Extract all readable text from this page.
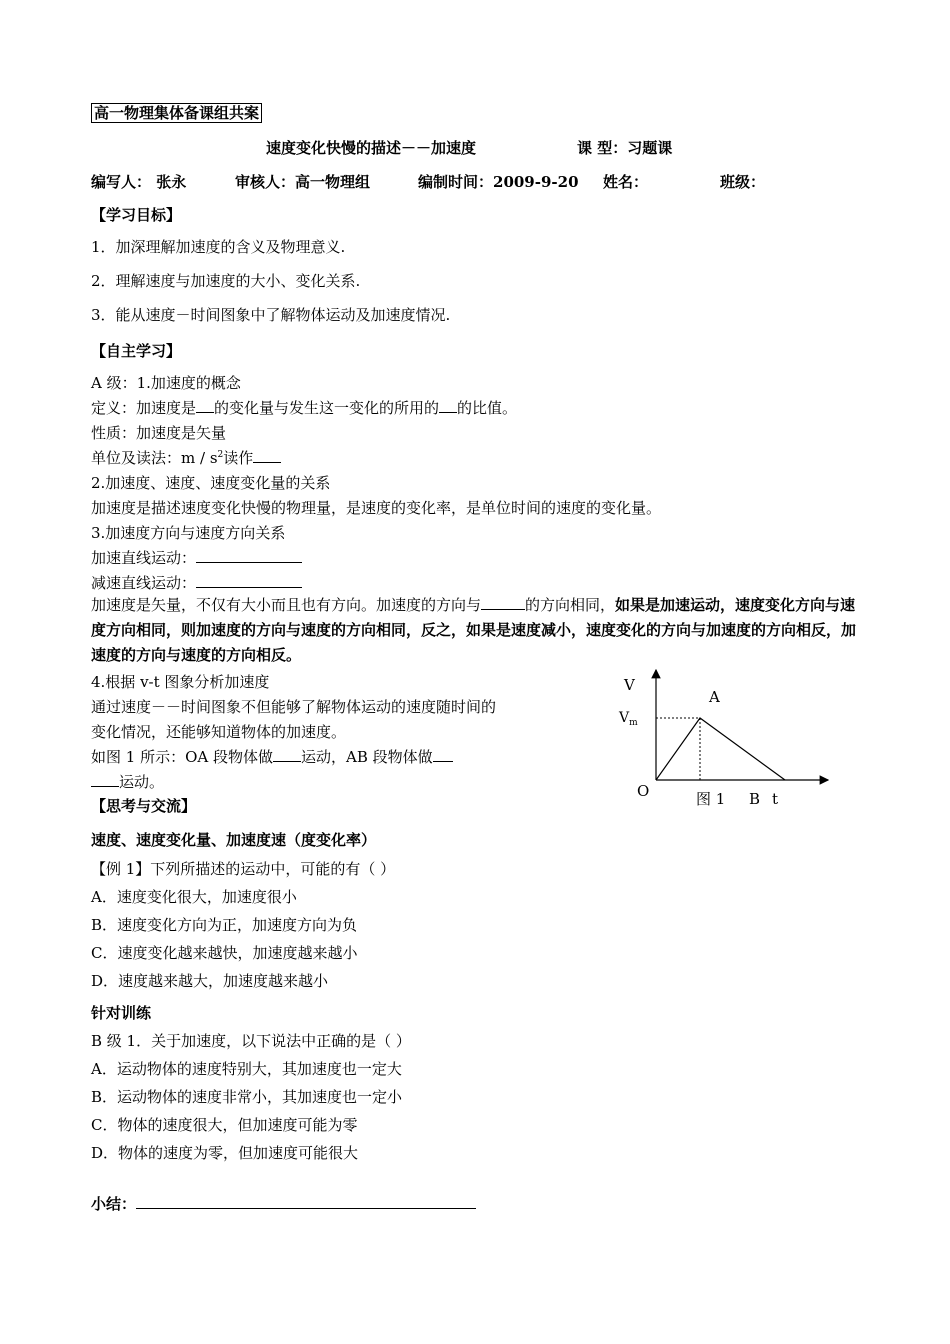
高一物理集体备课组共案
速度变化快慢的描述－－加速度	课 型：习题课
编写人： 张永	审核人：高一物理组	编制时间：2009-9-20 姓名：	班级：
【学习目标】
1．加深理解加速度的含义及物理意义.
2．理解速度与加速度的大小、变化关系.
3．能从速度－时间图象中了解物体运动及加速度情况.
【自主学习】
A 级：1.加速度的概念
定义：加速度是 的变化量与发生这一变化的所用的 的比值。
性质：加速度是矢量
单位及读法：m / $s^2$读作
2.加速度、速度、速度变化量的关系
加速度是描述速度变化快慢的物理量，是速度的变化率，是单位时间的速度的变化量。
3.加速度方向与速度方向关系
加速直线运动：
减速直线运动：
加速度是矢量，不仅有大小而且也有方向。加速度的方向与	的方向相同，如果是加速运动，速度变化方向与速度方向相同，则加速度的方向与速度的方向相同，反之，如果是速度减小，速度变化的方向与加速度的方向相反，加速度的方向与速度的方向相反。
4.根据 v-t 图象分析加速度
通过速度－－时间图象不但能够了解物体运动的速度随时间的
变化情况，还能够知道物体的加速度。
如图 1 所示：OA 段物体做 运动，AB 段物体做
运动。
V
$V_m$
A
O	图 1 B t
【思考与交流】
速度、速度变化量、加速度速（度变化率）
【例 1】下列所描述的运动中，可能的有（ ）
A．速度变化很大，加速度很小
B．速度变化方向为正，加速度方向为负
C．速度变化越来越快，加速度越来越小
D．速度越来越大，加速度越来越小
针对训练
B 级 1．关于加速度，以下说法中正确的是（ ）
A．运动物体的速度特别大，其加速度也一定大
B．运动物体的速度非常小，其加速度也一定小
C．物体的速度很大，但加速度可能为零
D．物体的速度为零，但加速度可能很大
小结：
